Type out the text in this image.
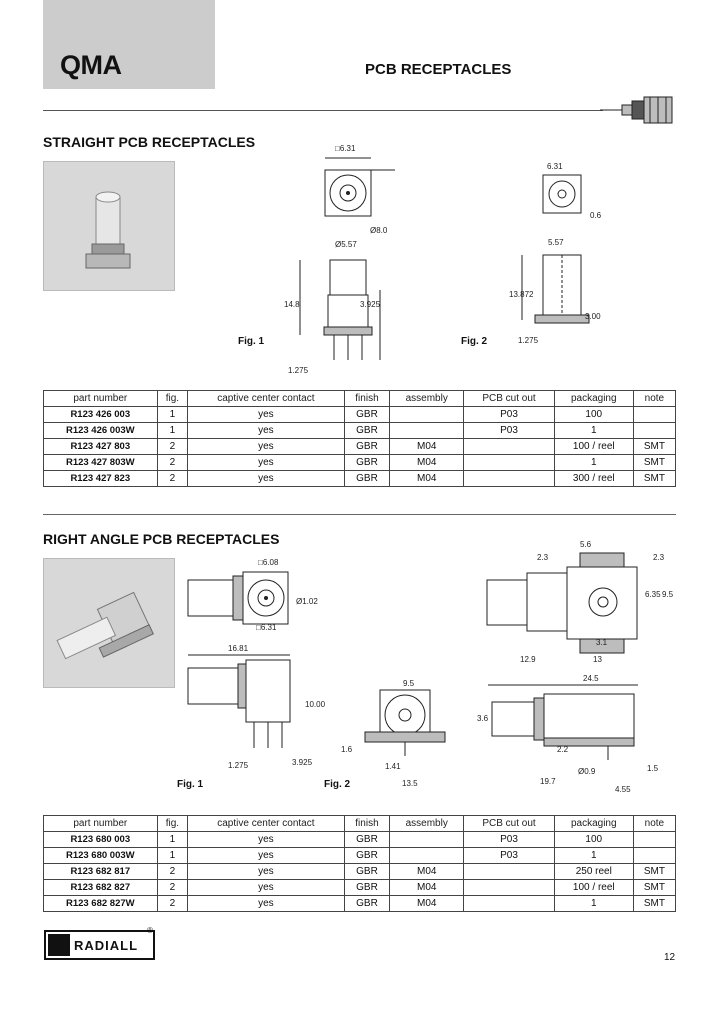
QMA	PCB RECEPTACLES
STRAIGHT PCB RECEPTACLES	□6.31
Ø8.0
Ø5.57
14.8	3.925
1.275
Fig. 1
6.31
0.6
5.57
13.872
3.00
1.275
Fig. 2
part number	fig.	captive center contact	finish	assembly	PCB cut out	packaging	note
R123 426 003	1	yes	GBR		P03	100	
R123 426 003W	1	yes	GBR		P03	1	
R123 427 803	2	yes	GBR	M04		100 / reel	SMT
R123 427 803W	2	yes	GBR	M04		1	SMT
R123 427 823	2	yes	GBR	M04		300 / reel	SMT
RIGHT ANGLE PCB RECEPTACLES
□6.08
Ø1.02
□6.31
16.81
10.00
1.275	3.925
Fig. 1
9.5
1.6
1.41
13.5
3.6
Fig. 2
5.6
2.3	2.3
6.35 9.5
3.1
12.9	13
24.5
2.2
Ø0.9
19.7
4.55
1.5
part number	fig.	captive center contact	finish	assembly	PCB cut out	packaging	note
R123 680 003	1	yes	GBR		P03	100	
R123 680 003W	1	yes	GBR		P03	1	
R123 682 817	2	yes	GBR	M04		250 reel	SMT
R123 682 827	2	yes	GBR	M04		100 / reel	SMT
R123 682 827W	2	yes	GBR	M04		1	SMT
RADIALL
®
12
